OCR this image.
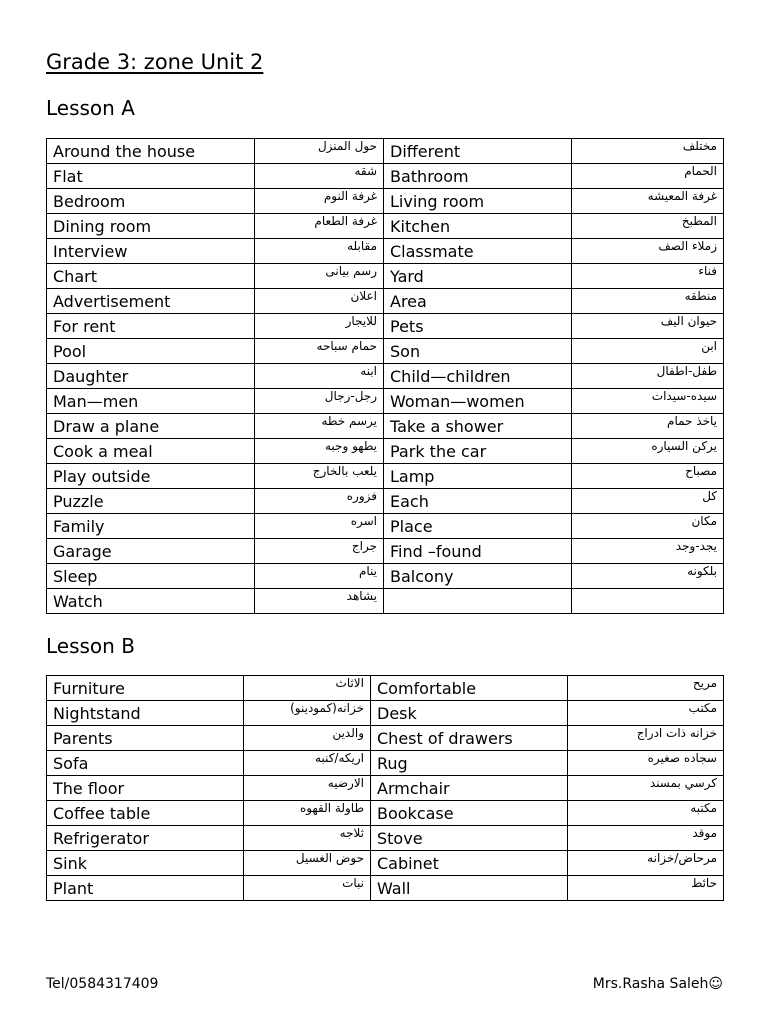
Grade 3: zone Unit 2
Lesson A
Around the house	حول المنزل	Different	مختلف
Flat	شقه	Bathroom	الحمام
Bedroom	غرفة النوم	Living room	غرفة المعيشه
Dining room	غرفة الطعام	Kitchen	المطبخ
Interview	مقابله	Classmate	زملاء الصف
Chart	رسم بيانى	Yard	فناء
Advertisement	اعلان	Area	منطقه
For rent	للايجار	Pets	حيوان اليف
Pool	حمام سباحه	Son	ابن
Daughter	ابنه	Child—children	طفل-اطفال
Man—men	رجل-رجال	Woman—women	سيده-سيدات
Draw a plane	يرسم خطه	Take a shower	ياخذ حمام
Cook a meal	يطهو وجبه	Park the car	يركن السياره
Play outside	يلعب بالخارج	Lamp	مصباح
Puzzle	فزوره	Each	كل
Family	اسره	Place	مكان
Garage	جراج	Find –found	يجد-وجد
Sleep	ينام	Balcony	بلكونه
Watch	يشاهد		
Lesson B
Furniture	الاثاث	Comfortable	مريح
Nightstand	خزانه(كمودينو)	Desk	مكتب
Parents	والدين	Chest of drawers	خزانه ذات ادراج
Sofa	اريكه/كنبه	Rug	سجاده صغيره
The floor	الارضيه	Armchair	كرسي بمسند
Coffee table	طاولة القهوه	Bookcase	مكتبه
Refrigerator	ثلاجه	Stove	موقد
Sink	حوض الغسيل	Cabinet	مرحاض/خزانه
Plant	نبات	Wall	حائط
Tel/0584317409	Mrs.Rasha Saleh☺
